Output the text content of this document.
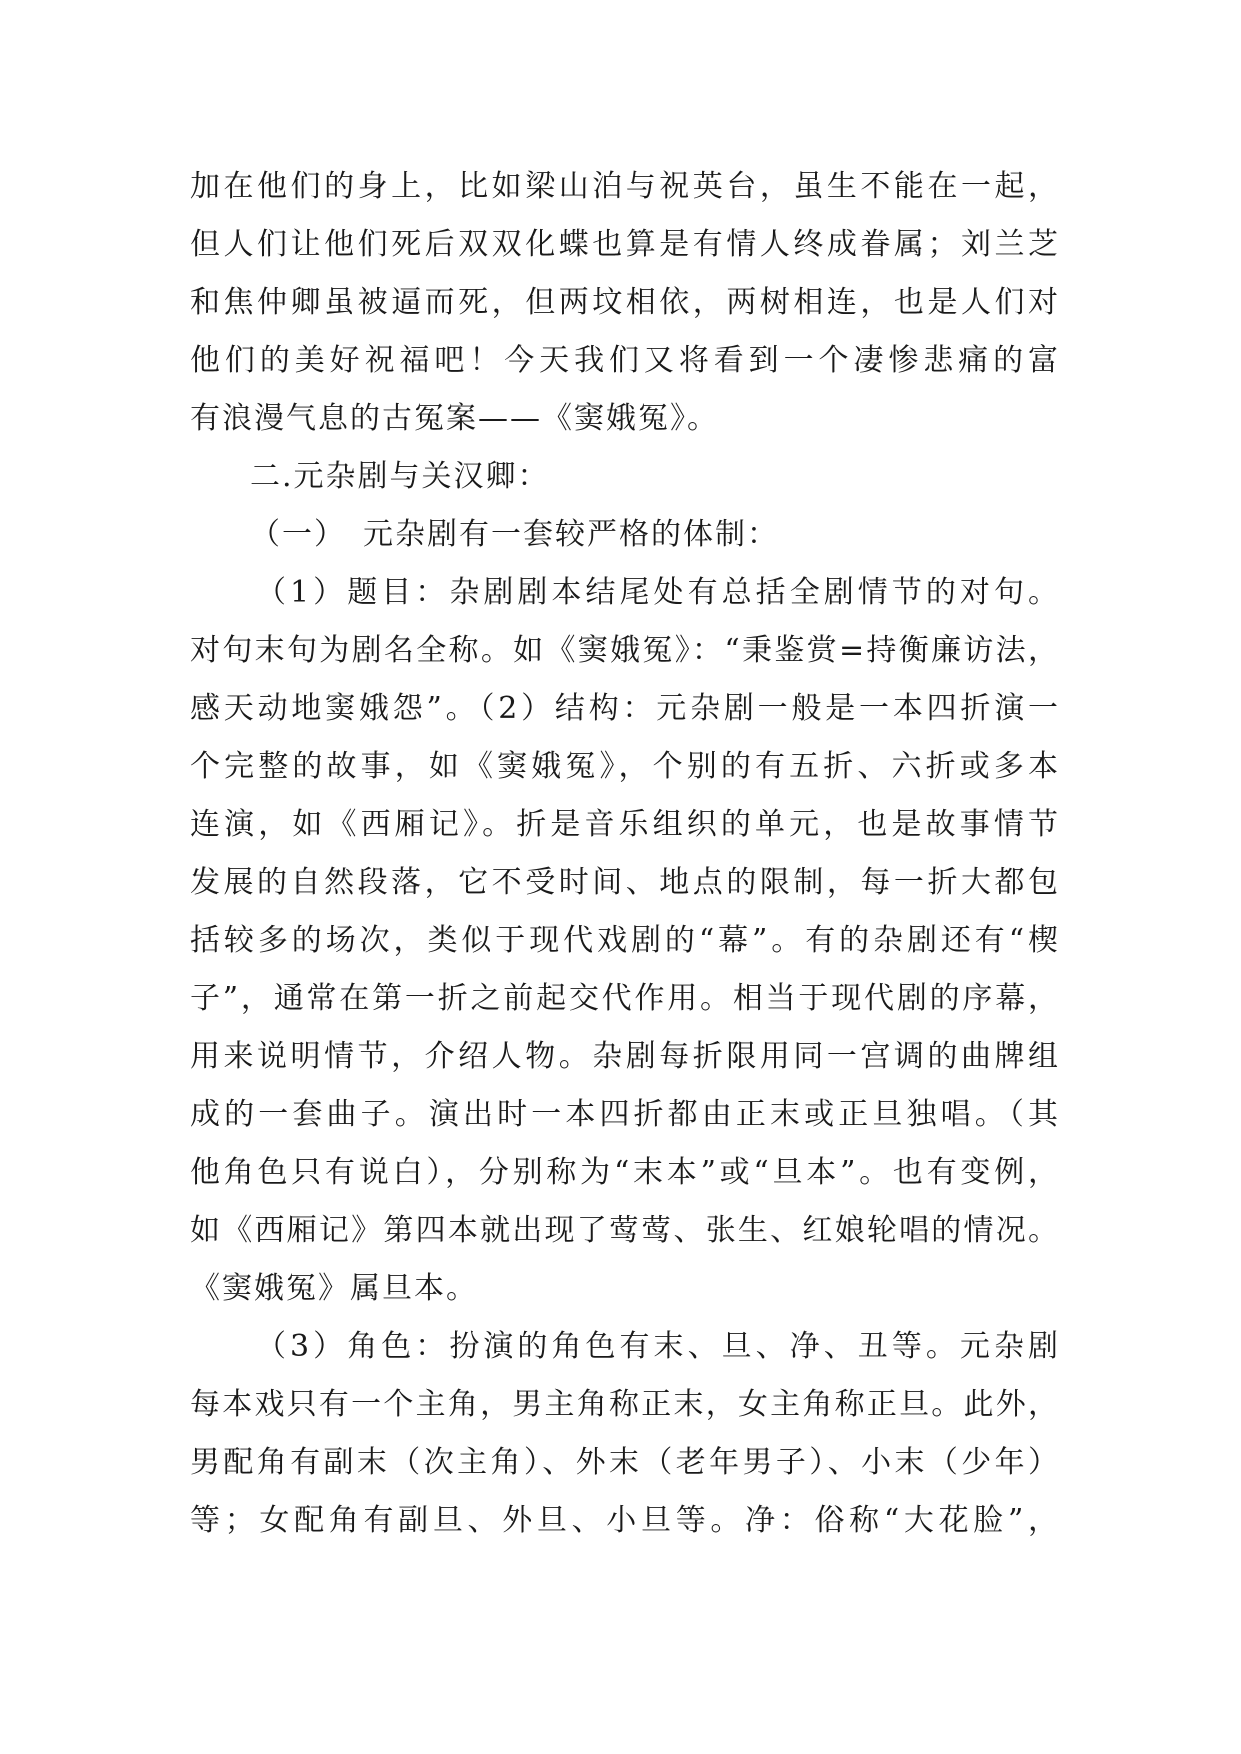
加在他们的身上，比如梁山泊与祝英台，虽生不能在一起，
但人们让他们死后双双化蝶也算是有情人终成眷属；刘兰芝
和焦仲卿虽被逼而死，但两坟相依，两树相连，也是人们对
他们的美好祝福吧！今天我们又将看到一个凄惨悲痛的富
有浪漫气息的古冤案——《窦娥冤》。
二.元杂剧与关汉卿：
（一）　元杂剧有一套较严格的体制：
（1）题目：杂剧剧本结尾处有总括全剧情节的对句。
对句末句为剧名全称。如《窦娥冤》：“秉鉴赏=持衡廉访法，
感天动地窦娥怨”。（2）结构：元杂剧一般是一本四折演一
个完整的故事，如《窦娥冤》，个别的有五折、六折或多本
连演，如《西厢记》。折是音乐组织的单元，也是故事情节
发展的自然段落，它不受时间、地点的限制，每一折大都包
括较多的场次，类似于现代戏剧的“幕”。有的杂剧还有“楔
子”，通常在第一折之前起交代作用。相当于现代剧的序幕，
用来说明情节，介绍人物。杂剧每折限用同一宫调的曲牌组
成的一套曲子。演出时一本四折都由正末或正旦独唱。（其
他角色只有说白），分别称为“末本”或“旦本”。也有变例，
如《西厢记》第四本就出现了莺莺、张生、红娘轮唱的情况。
《窦娥冤》属旦本。
（3）角色：扮演的角色有末、旦、净、丑等。元杂剧
每本戏只有一个主角，男主角称正末，女主角称正旦。此外，
男配角有副末（次主角）、外末（老年男子）、小末（少年）
等；女配角有副旦、外旦、小旦等。净：俗称“大花脸”，
